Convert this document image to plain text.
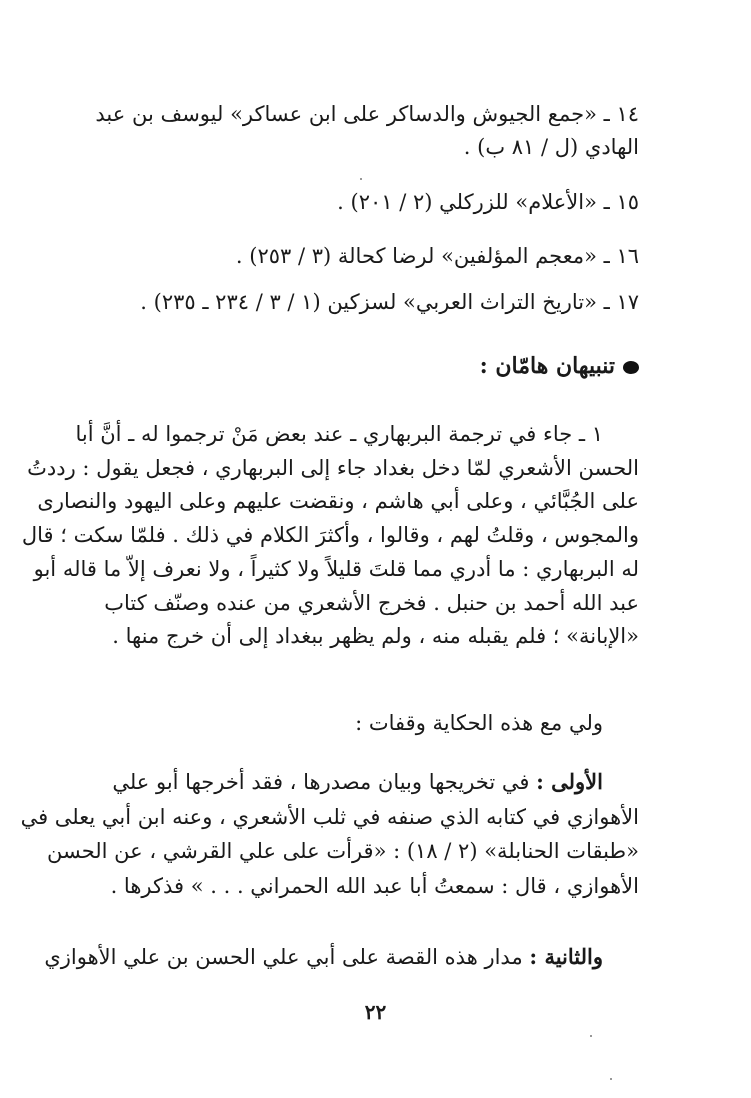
١٤ ـ «جمع الجيوش والدساكر على ابن عساكر» ليوسف بن عبد
الهادي (ل / ٨١ ب) .
١٥ ـ «الأعلام» للزركلي (٢ / ٢٠١) .
١٦ ـ «معجم المؤلفين» لرضا كحالة (٣ / ٢٥٣) .
١٧ ـ «تاريخ التراث العربي» لسزكين (١ / ٣ / ٢٣٤ ـ ٢٣٥) .
تنبيهان هامّان :
١ ـ جاء في ترجمة البربهاري ـ عند بعض مَنْ ترجموا له ـ أنَّ أبا
الحسن الأشعري لمّا دخل بغداد جاء إلى البربهاري ، فجعل يقول : رددتُ
على الجُبَّائي ، وعلى أبي هاشم ، ونقضت عليهم وعلى اليهود والنصارى
والمجوس ، وقلتُ لهم ، وقالوا ، وأكثرَ الكلام في ذلك . فلمّا سكت ؛ قال
له البربهاري : ما أدري مما قلتَ قليلاً ولا كثيراً ، ولا نعرف إلاّ ما قاله أبو
عبد الله أحمد بن حنبل . فخرج الأشعري من عنده وصنّف كتاب
«الإبانة» ؛ فلم يقبله منه ، ولم يظهر ببغداد إلى أن خرج منها .
ولي مع هذه الحكاية وقفات :
الأولى : في تخريجها وبيان مصدرها ، فقد أخرجها أبو علي
الأهوازي في كتابه الذي صنفه في ثلب الأشعري ، وعنه ابن أبي يعلى في
«طبقات الحنابلة» (٢ / ١٨) : «قرأت على علي القرشي ، عن الحسن
الأهوازي ، قال : سمعتُ أبا عبد الله الحمراني . . . » فذكرها .
والثانية : مدار هذه القصة على أبي علي الحسن بن علي الأهوازي
٢٢
